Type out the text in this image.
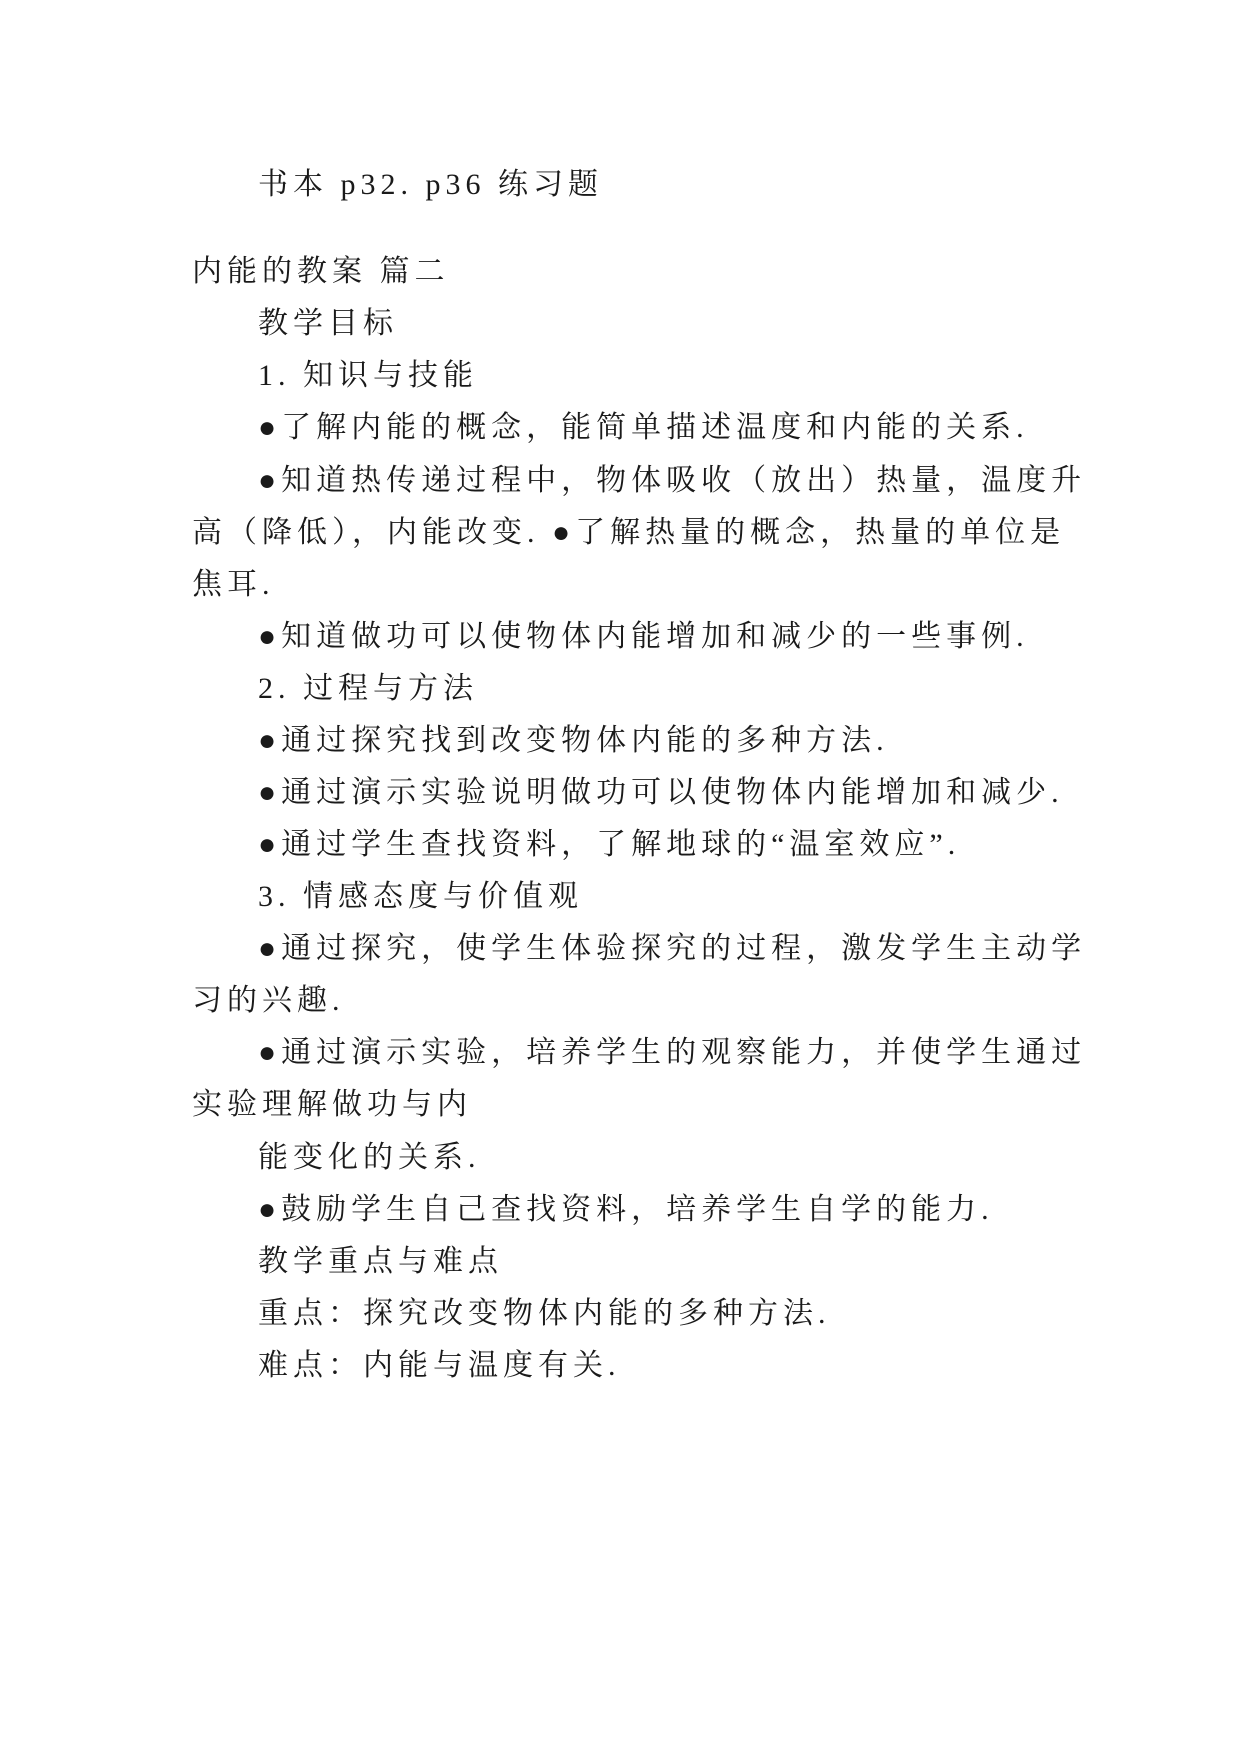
书本 p32. p36 练习题
内能的教案 篇二
教学目标
1. 知识与技能
●了解内能的概念，能简单描述温度和内能的关系.
●知道热传递过程中，物体吸收（放出）热量，温度升
高（降低），内能改变. ●了解热量的概念，热量的单位是
焦耳.
●知道做功可以使物体内能增加和减少的一些事例.
2. 过程与方法
●通过探究找到改变物体内能的多种方法.
●通过演示实验说明做功可以使物体内能增加和减少.
●通过学生查找资料，了解地球的“温室效应”.
3. 情感态度与价值观
●通过探究，使学生体验探究的过程，激发学生主动学
习的兴趣.
●通过演示实验，培养学生的观察能力，并使学生通过
实验理解做功与内
能变化的关系.
●鼓励学生自己查找资料，培养学生自学的能力.
教学重点与难点
重点：探究改变物体内能的多种方法.
难点：内能与温度有关.
